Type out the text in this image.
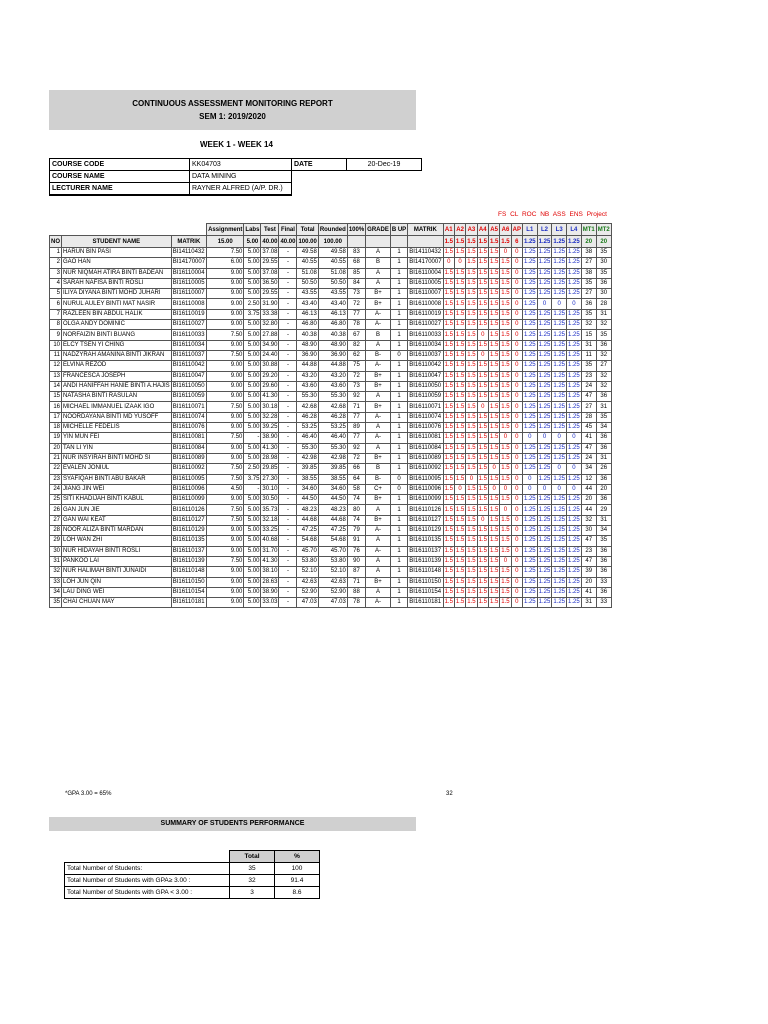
CONTINUOUS ASSESSMENT MONITORING REPORT
SEM 1: 2019/2020
WEEK 1 - WEEK 14
COURSE CODE	KK04703	DATE	20-Dec-19
COURSE NAME	DATA MINING		
LECTURER NAME	RAYNER ALFRED (A/P. DR.)		
FS CL ROC NB ASS ENS Project
			Assignment	Labs	Test	Final	Total	Rounded	100%	GRADE	B UP	MATRIK	A1	A2	A3	A4	A5	A6	AP	L1	L2	L3	L4	MT1	MT2
NO	STUDENT NAME	MATRIK	15.00	5.00	40.00	40.00	100.00	100.00					1.5	1.5	1.5	1.5	1.5	1.5	6	1.25	1.25	1.25	1.25	20	20
1	HARUN BIN PASI	BI14110432	7.50	5.00	37.08	-	49.58	49.58	83	A	1	BI14110432	1.5	1.5	1.5	1.5	1.5	0	0	1.25	1.25	1.25	1.25	38	35
2	GAO HAN	BI14170007	6.00	5.00	29.55	-	40.55	40.55	68	B	1	BI14170007	0	0	1.5	1.5	1.5	1.5	0	1.25	1.25	1.25	1.25	27	30
3	NUR NIQMAH ATIRA BINTI BADEAN	BI16110004	9.00	5.00	37.08	-	51.08	51.08	85	A	1	BI16110004	1.5	1.5	1.5	1.5	1.5	1.5	0	1.25	1.25	1.25	1.25	38	35
4	SARAH NAFISA BINTI ROSLI	BI16110005	9.00	5.00	36.50	-	50.50	50.50	84	A	1	BI16110005	1.5	1.5	1.5	1.5	1.5	1.5	0	1.25	1.25	1.25	1.25	35	36
5	ILIYA DIYANA BINTI MOHD JUHARI	BI16110007	9.00	5.00	29.55	-	43.55	43.55	73	B+	1	BI16110007	1.5	1.5	1.5	1.5	1.5	1.5	0	1.25	1.25	1.25	1.25	27	30
6	NURUL AULEY BINTI MAT NASIR	BI16110008	9.00	2.50	31.90	-	43.40	43.40	72	B+	1	BI16110008	1.5	1.5	1.5	1.5	1.5	1.5	0	1.25	0	0	0	36	28
7	RAZLEEN BIN ABDUL HALIK	BI16110019	9.00	3.75	33.38	-	46.13	46.13	77	A-	1	BI16110019	1.5	1.5	1.5	1.5	1.5	1.5	0	1.25	1.25	1.25	1.25	35	31
8	OLGA ANDY DOMINIC	BI16110027	9.00	5.00	32.80	-	46.80	46.80	78	A-	1	BI16110027	1.5	1.5	1.5	1.5	1.5	1.5	0	1.25	1.25	1.25	1.25	32	32
9	NORFAIZIN BINTI BUANG	BI16110033	7.50	5.00	27.88	-	40.38	40.38	67	B	1	BI16110033	1.5	1.5	1.5	0	1.5	1.5	0	1.25	1.25	1.25	1.25	15	35
10	ELCY TSEN YI CHING	BI16110034	9.00	5.00	34.90	-	48.90	48.90	82	A	1	BI16110034	1.5	1.5	1.5	1.5	1.5	1.5	0	1.25	1.25	1.25	1.25	31	36
11	NADZYRAH AMANINA BINTI JIKRAN	BI16110037	7.50	5.00	24.40	-	36.90	36.90	62	B-	0	BI16110037	1.5	1.5	1.5	0	1.5	1.5	0	1.25	1.25	1.25	1.25	11	32
12	ELVINA REZOD	BI16110042	9.00	5.00	30.88	-	44.88	44.88	75	A-	1	BI16110042	1.5	1.5	1.5	1.5	1.5	1.5	0	1.25	1.25	1.25	1.25	35	27
13	FRANCESCA JOSEPH	BI16110047	9.00	5.00	29.20	-	43.20	43.20	72	B+	1	BI16110047	1.5	1.5	1.5	1.5	1.5	1.5	0	1.25	1.25	1.25	1.25	23	32
14	ANDI HANIFFAH HANIE BINTI A.HAJIS	BI16110050	9.00	5.00	29.60	-	43.60	43.60	73	B+	1	BI16110050	1.5	1.5	1.5	1.5	1.5	1.5	0	1.25	1.25	1.25	1.25	24	32
15	NATASHA BINTI RASULAN	BI16110059	9.00	5.00	41.30	-	55.30	55.30	92	A	1	BI16110059	1.5	1.5	1.5	1.5	1.5	1.5	0	1.25	1.25	1.25	1.25	47	36
16	MICHAEL IMMANUEL IZAAK IGO	BI16110071	7.50	5.00	30.18	-	42.68	42.68	71	B+	1	BI16110071	1.5	1.5	1.5	0	1.5	1.5	0	1.25	1.25	1.25	1.25	27	31
17	NOORDAYANA BINTI MD YUSOFF	BI16110074	9.00	5.00	32.28	-	46.28	46.28	77	A-	1	BI16110074	1.5	1.5	1.5	1.5	1.5	1.5	0	1.25	1.25	1.25	1.25	28	35
18	MICHELLE FEDELIS	BI16110076	9.00	5.00	39.25	-	53.25	53.25	89	A	1	BI16110076	1.5	1.5	1.5	1.5	1.5	1.5	0	1.25	1.25	1.25	1.25	45	34
19	YIN MUN FEI	BI16110081	7.50	-	38.90	-	46.40	46.40	77	A-	1	BI16110081	1.5	1.5	1.5	1.5	1.5	0	0	0	0	0	0	41	36
20	TAN LI YIN	BI16110084	9.00	5.00	41.30	-	55.30	55.30	92	A	1	BI16110084	1.5	1.5	1.5	1.5	1.5	1.5	0	1.25	1.25	1.25	1.25	47	36
21	NUR INSYIRAH BINTI MOHD SI	BI16110089	9.00	5.00	28.98	-	42.98	42.98	72	B+	1	BI16110089	1.5	1.5	1.5	1.5	1.5	1.5	0	1.25	1.25	1.25	1.25	24	31
22	EVALEN JONIUL	BI16110092	7.50	2.50	29.85	-	39.85	39.85	66	B	1	BI16110092	1.5	1.5	1.5	1.5	0	1.5	0	1.25	1.25	0	0	34	26
23	SYAFIQAH BINTI ABU BAKAR	BI16110095	7.50	3.75	27.30	-	38.55	38.55	64	B-	0	BI16110095	1.5	1.5	0	1.5	1.5	1.5	0	0	1.25	1.25	1.25	12	36
24	JIANG JIN WEI	BI16110096	4.50	-	30.10	-	34.60	34.60	58	C+	0	BI16110096	1.5	0	1.5	1.5	0	0	0	0	0	0	0	44	20
25	SITI KHADIJAH BINTI KABUL	BI16110099	9.00	5.00	30.50	-	44.50	44.50	74	B+	1	BI16110099	1.5	1.5	1.5	1.5	1.5	1.5	0	1.25	1.25	1.25	1.25	20	36
26	GAN JUN JIE	BI16110126	7.50	5.00	35.73	-	48.23	48.23	80	A	1	BI16110126	1.5	1.5	1.5	1.5	1.5	0	0	1.25	1.25	1.25	1.25	44	29
27	GAN WAI KEAT	BI16110127	7.50	5.00	32.18	-	44.68	44.68	74	B+	1	BI16110127	1.5	1.5	1.5	0	1.5	1.5	0	1.25	1.25	1.25	1.25	32	31
28	NOOR ALIZA BINTI MARDAN	BI16110129	9.00	5.00	33.25	-	47.25	47.25	79	A-	1	BI16110129	1.5	1.5	1.5	1.5	1.5	1.5	0	1.25	1.25	1.25	1.25	30	34
29	LOH WAN ZHI	BI16110135	9.00	5.00	40.68	-	54.68	54.68	91	A	1	BI16110135	1.5	1.5	1.5	1.5	1.5	1.5	0	1.25	1.25	1.25	1.25	47	35
30	NUR HIDAYAH BINTI ROSLI	BI16110137	9.00	5.00	31.70	-	45.70	45.70	76	A-	1	BI16110137	1.5	1.5	1.5	1.5	1.5	1.5	0	1.25	1.25	1.25	1.25	23	36
31	PANKOO LAI	BI16110139	7.50	5.00	41.30	-	53.80	53.80	90	A	1	BI16110139	1.5	1.5	1.5	1.5	1.5	0	0	1.25	1.25	1.25	1.25	47	36
32	NUR HALIMAH BINTI JUNAIDI	BI16110148	9.00	5.00	38.10	-	52.10	52.10	87	A	1	BI16110148	1.5	1.5	1.5	1.5	1.5	1.5	0	1.25	1.25	1.25	1.25	39	36
33	LOH JUN QIN	BI16110150	9.00	5.00	28.63	-	42.63	42.63	71	B+	1	BI16110150	1.5	1.5	1.5	1.5	1.5	1.5	0	1.25	1.25	1.25	1.25	20	33
34	LAU DING WEI	BI16110154	9.00	5.00	38.90	-	52.90	52.90	88	A	1	BI16110154	1.5	1.5	1.5	1.5	1.5	1.5	0	1.25	1.25	1.25	1.25	41	36
35	CHAI CHUAN MAY	BI16110181	9.00	5.00	33.03	-	47.03	47.03	78	A-	1	BI16110181	1.5	1.5	1.5	1.5	1.5	1.5	0	1.25	1.25	1.25	1.25	31	33
*GPA 3.00 = 65%	32
SUMMARY OF STUDENTS PERFORMANCE
	Total	%
Total Number of Students:	35	100
Total Number of Students with GPA≥ 3.00 :	32	91.4
Total Number of Students with GPA < 3.00 :	3	8.6
